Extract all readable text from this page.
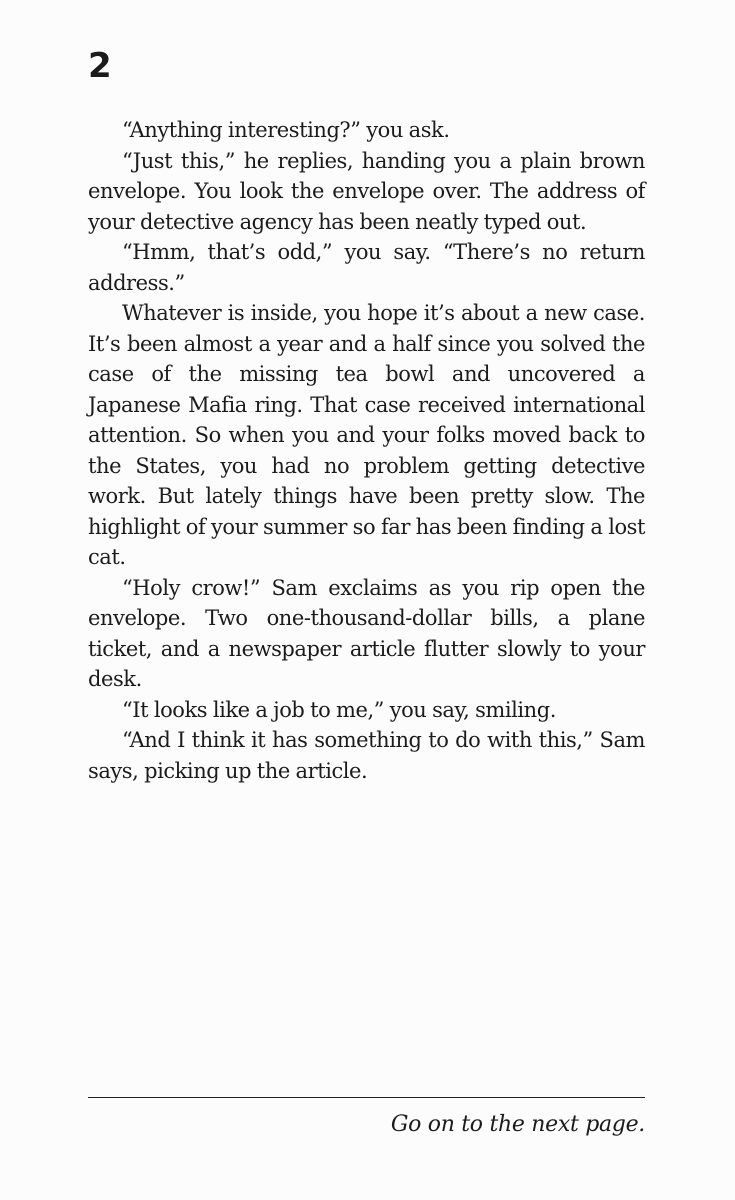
2

“Anything interesting?” you ask.

“Just this,” he replies, handing you a plain brown envelope. You look the envelope over. The address of your detective agency has been neatly typed out.

“Hmm, that’s odd,” you say. “There’s no return address.”

Whatever is inside, you hope it’s about a new case. It’s been almost a year and a half since you solved the case of the missing tea bowl and uncovered a Japanese Mafia ring. That case received international attention. So when you and your folks moved back to the States, you had no problem getting detective work. But lately things have been pretty slow. The highlight of your summer so far has been finding a lost cat.

“Holy crow!” Sam exclaims as you rip open the envelope. Two one-thousand-dollar bills, a plane ticket, and a newspaper article flutter slowly to your desk.

“It looks like a job to me,” you say, smiling.

“And I think it has something to do with this,” Sam says, picking up the article.

Go on to the next page.
